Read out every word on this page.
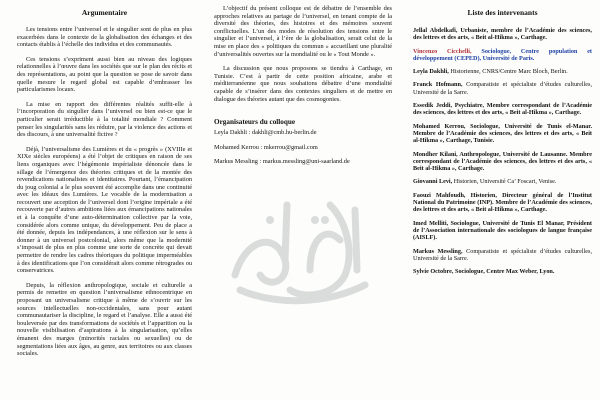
Argumentaire

Les tensions entre l’universel et le singulier sont de plus en plus exacerbées dans le contexte de la globalisation des échanges et des contacts établis à l’échelle des individus et des communautés.

Ces tensions s’expriment aussi bien au niveau des logiques relationnelles à l’œuvre dans les sociétés que sur le plan des récits et des représentations, au point que la question se pose de savoir dans quelle mesure le regard global est capable d’embrasser les particularismes locaux.

La mise en rapport des différentes réalités suffit-elle à l’incorporation du singulier dans l’universel ou bien est-ce que le particulier serait irréductible à la totalité mondiale ? Comment penser les singularités sans les réduire, par la violence des actions et des discours, à une universalité fictive ?

Déjà, l’universalisme des Lumières et du « progrès » (XVIIIe et XIXe siècles européens) a été l’objet de critiques en raison de ses liens organiques avec l’hégémonie impérialiste dénoncée dans le sillage de l’émergence des théories critiques et de la montée des revendications nationalistes et identitaires. Pourtant, l’émancipation du joug colonial a le plus souvent été accomplie dans une continuité avec les idéaux des Lumières. Le vocable de la modernisation a recouvert une acception de l’universel dont l’origine impériale a été recouverte par d’autres ambitions liées aux émancipations nationales et à la conquête d’une auto-détermination collective par la voie, considérée alors comme unique, du développement. Peu de place a été donnée, depuis les indépendances, à une réflexion sur le sens à donner à un universel postcolonial, alors même que la modernité s’imposait de plus en plus comme une sorte de concrète qui devait permettre de rendre les cadres théoriques du politique imperméables à des identifications que l’on considérait alors comme rétrogrades ou conservatrices.

Depuis, la réflexion anthropologique, sociale et culturelle a permis de remettre en question l’universalisme ethnocentrique en proposant un universalisme critique à même de s’ouvrir sur les sources intellectuelles non-occidentales, sans pour autant communautariser la discipline, le regard et l’analyse. Elle a aussi été bouleversée par des transformations de sociétés et l’apparition ou la nouvelle visibilisation d’aspirations à la singularisation, qu’elles émanent des marges (minorités raciales ou sexuelles) ou de segmentations liées aux âges, au genre, aux territoires ou aux classes sociales.

L’objectif du présent colloque est de débattre de l’ensemble des approches relatives au partage de l’universel, en tenant compte de la diversité des théories, des histoires et des mémoires souvent conflictuelles. L’un des modes de résolution des tensions entre le singulier et l’universel, à l’ère de la globalisation, serait celui de la mise en place des « politiques du commun » accueillant une pluralité d’universalités ouvertes sur la mondialité ou le « Tout Monde ».

La discussion que nous proposons se tiendra à Carthage, en Tunisie. C’est à partir de cette position africaine, arabe et méditerranéenne que nous souhaitons débattre d’une mondialité capable de s’insérer dans des contextes singuliers et de mettre en dialogue des théories autant que des cosmogonies.

Organisateurs du colloque

Leyla Dakhli : dakhli@cmb.hu-berlin.de

Mohamed Kerrou : mkerrou@gmail.com

Markus Messling : markus.messling@uni-saarland.de

Liste des intervenants

Jellal Abdelkafi, Urbaniste, membre de l’Académie des sciences, des lettres et des arts, « Beit al-Hikma », Carthage.

Vincenzo Cicchelli, Sociologue, Centre population et développement (CEPED), Université de Paris.

Leyla Dakhli, Historienne, CNRS/Centre Marc Bloch, Berlin.

Franck Hofmann, Comparatiste et spécialiste d’études culturelles, Université de la Sarre.

Essedik Jeddi, Psychiatre, Membre correspondant de l’Académie des sciences, des lettres et des arts, « Beit al-Hikma », Carthage.

Mohamed Kerrou, Sociologue, Université de Tunis el-Manar. Membre de l’Académie des sciences, des lettres et des arts, « Beit al-Hikma », Carthage, Tunisie.

Mondher Kilani, Anthropologue, Université de Lausanne. Membre correspondant de l’Académie des sciences, des lettres et des arts, « Beit al-Hikma », Carthage.

Giovanni Levi, Historien, Université Ca’ Foscari, Venise.

Faouzi Mahfoudh, Historien, Directeur général de l’Institut National du Patrimoine (INP). Membre de l’Académie des sciences, des lettres et des arts, « Beit al-Hikma », Carthage.

Imed Melliti, Sociologue, Université de Tunis El Manar, Président de l’Association internationale des sociologues de langue française (AISLF).

Markus Messling, Comparatiste et spécialiste d’études culturelles, Université de la Sarre.

Sylvie Octobre, Sociologue, Centre Max Weber, Lyon.
